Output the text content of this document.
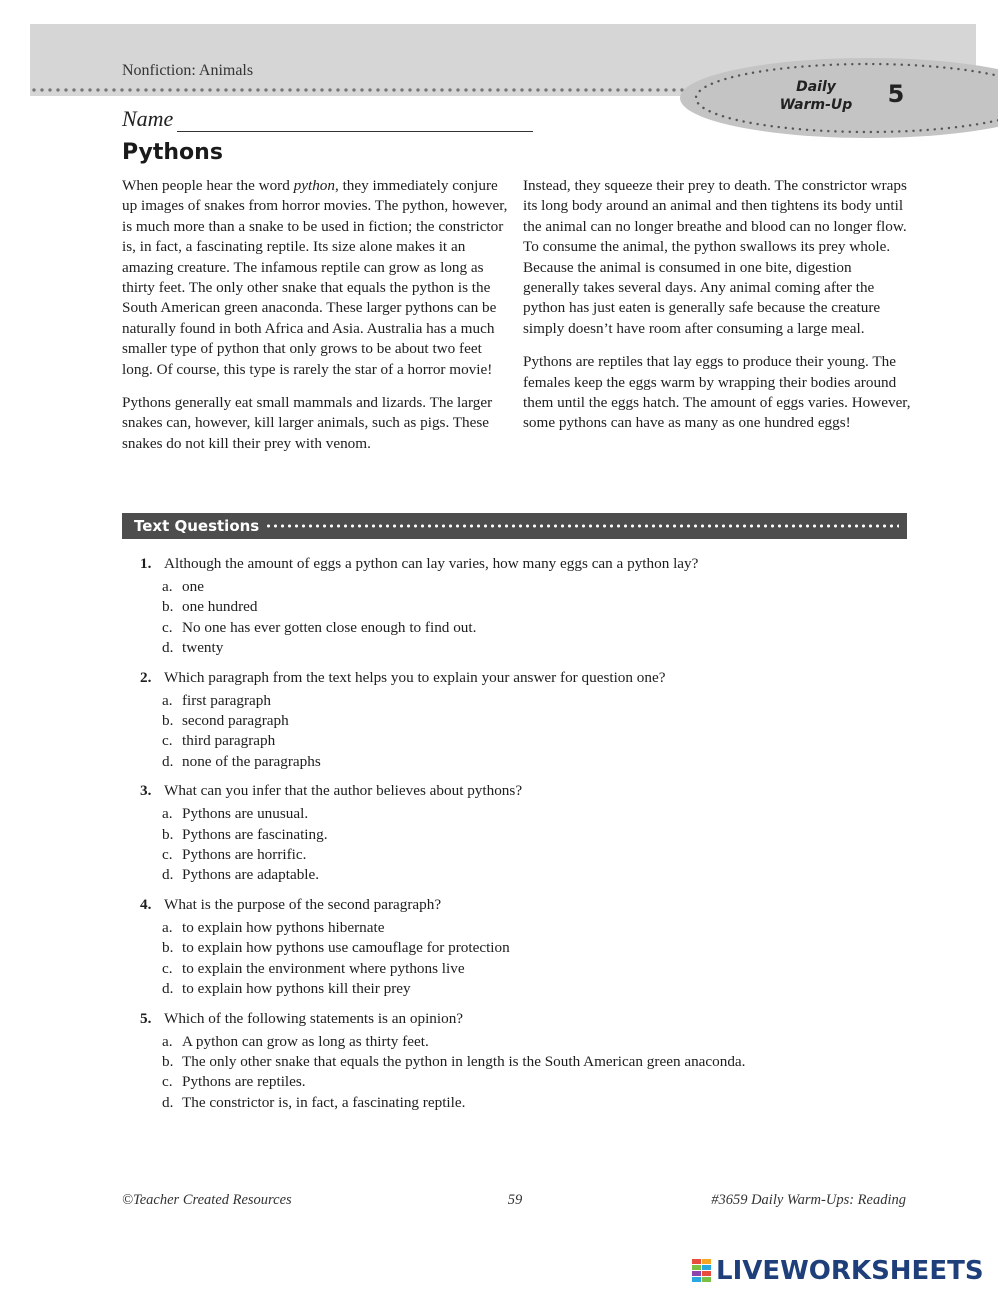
Nonfiction: Animals
Daily
Warm-Up	5
Name
Pythons

When people hear the word python, they immediately conjure up images of snakes from horror movies. The python, however, is much more than a snake to be used in fiction; the constrictor is, in fact, a fascinating reptile. Its size alone makes it an amazing creature. The infamous reptile can grow as long as thirty feet. The only other snake that equals the python is the South American green anaconda. These larger pythons can be naturally found in both Africa and Asia. Australia has a much smaller type of python that only grows to be about two feet long. Of course, this type is rarely the star of a horror movie!

Pythons generally eat small mammals and lizards. The larger snakes can, however, kill larger animals, such as pigs. These snakes do not kill their prey with venom.

Instead, they squeeze their prey to death. The constrictor wraps its long body around an animal and then tightens its body until the animal can no longer breathe and blood can no longer flow. To consume the animal, the python swallows its prey whole. Because the animal is consumed in one bite, digestion generally takes several days. Any animal coming after the python has just eaten is generally safe because the creature simply doesn’t have room after consuming a large meal.

Pythons are reptiles that lay eggs to produce their young. The females keep the eggs warm by wrapping their bodies around them until the eggs hatch. The amount of eggs varies. However, some pythons can have as many as one hundred eggs!

Text Questions
1. Although the amount of eggs a python can lay varies, how many eggs can a python lay?
a. one
b. one hundred
c. No one has ever gotten close enough to find out.
d. twenty
2. Which paragraph from the text helps you to explain your answer for question one?
a. first paragraph
b. second paragraph
c. third paragraph
d. none of the paragraphs
3. What can you infer that the author believes about pythons?
a. Pythons are unusual.
b. Pythons are fascinating.
c. Pythons are horrific.
d. Pythons are adaptable.
4. What is the purpose of the second paragraph?
a. to explain how pythons hibernate
b. to explain how pythons use camouflage for protection
c. to explain the environment where pythons live
d. to explain how pythons kill their prey
5. Which of the following statements is an opinion?
a. A python can grow as long as thirty feet.
b. The only other snake that equals the python in length is the South American green anaconda.
c. Pythons are reptiles.
d. The constrictor is, in fact, a fascinating reptile.
©Teacher Created Resources	59	#3659 Daily Warm-Ups: Reading
LIVEWORKSHEETS
